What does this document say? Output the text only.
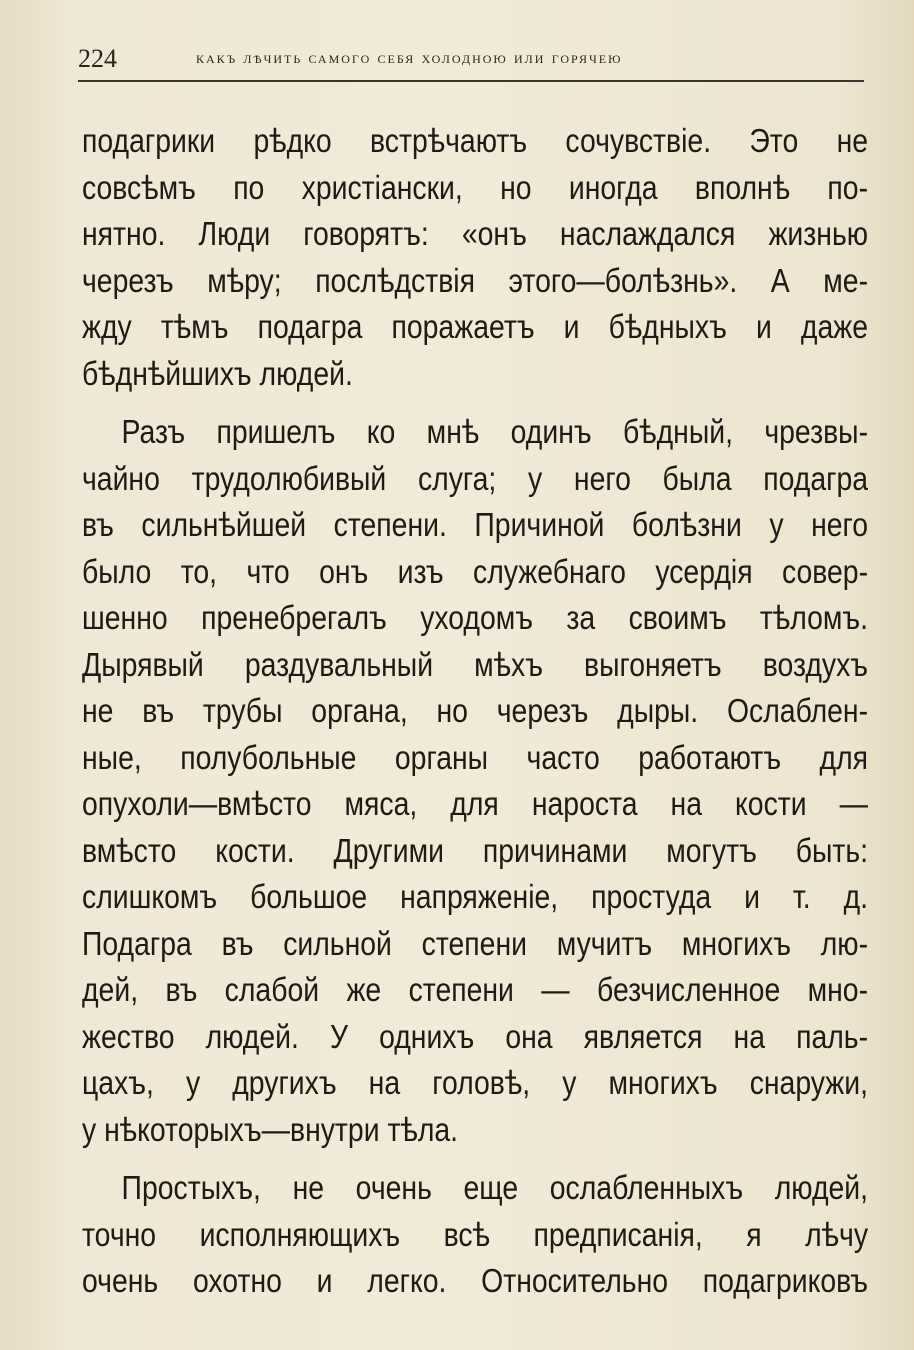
224	какъ лѣчить самого себя холодною или горячею
подагрики рѣдко встрѣчаютъ сочувствіе. Это не
совсѣмъ по христіански, но иногда вполнѣ по-
нятно. Люди говорятъ: «онъ наслаждался жизнью
черезъ мѣру; послѣдствія этого—болѣзнь». А ме-
жду тѣмъ подагра поражаетъ и бѣдныхъ и даже
бѣднѣйшихъ людей.
Разъ пришелъ ко мнѣ одинъ бѣдный, чрезвы-
чайно трудолюбивый слуга; у него была подагра
въ сильнѣйшей степени. Причиной болѣзни у него
было то, что онъ изъ служебнаго усердія совер-
шенно пренебрегалъ уходомъ за своимъ тѣломъ.
Дырявый раздувальный мѣхъ выгоняетъ воздухъ
не въ трубы органа, но черезъ дыры. Ослаблен-
ные, полубольные органы часто работаютъ для
опухоли—вмѣсто мяса, для нароста на кости —
вмѣсто кости. Другими причинами могутъ быть:
слишкомъ большое напряженіе, простуда и т. д.
Подагра въ сильной степени мучитъ многихъ лю-
дей, въ слабой же степени — безчисленное мно-
жество людей. У однихъ она является на паль-
цахъ, у другихъ на головѣ, у многихъ снаружи,
у нѣкоторыхъ—внутри тѣла.
Простыхъ, не очень еще ослабленныхъ людей,
точно исполняющихъ всѣ предписанія, я лѣчу
очень охотно и легко. Относительно подагриковъ
